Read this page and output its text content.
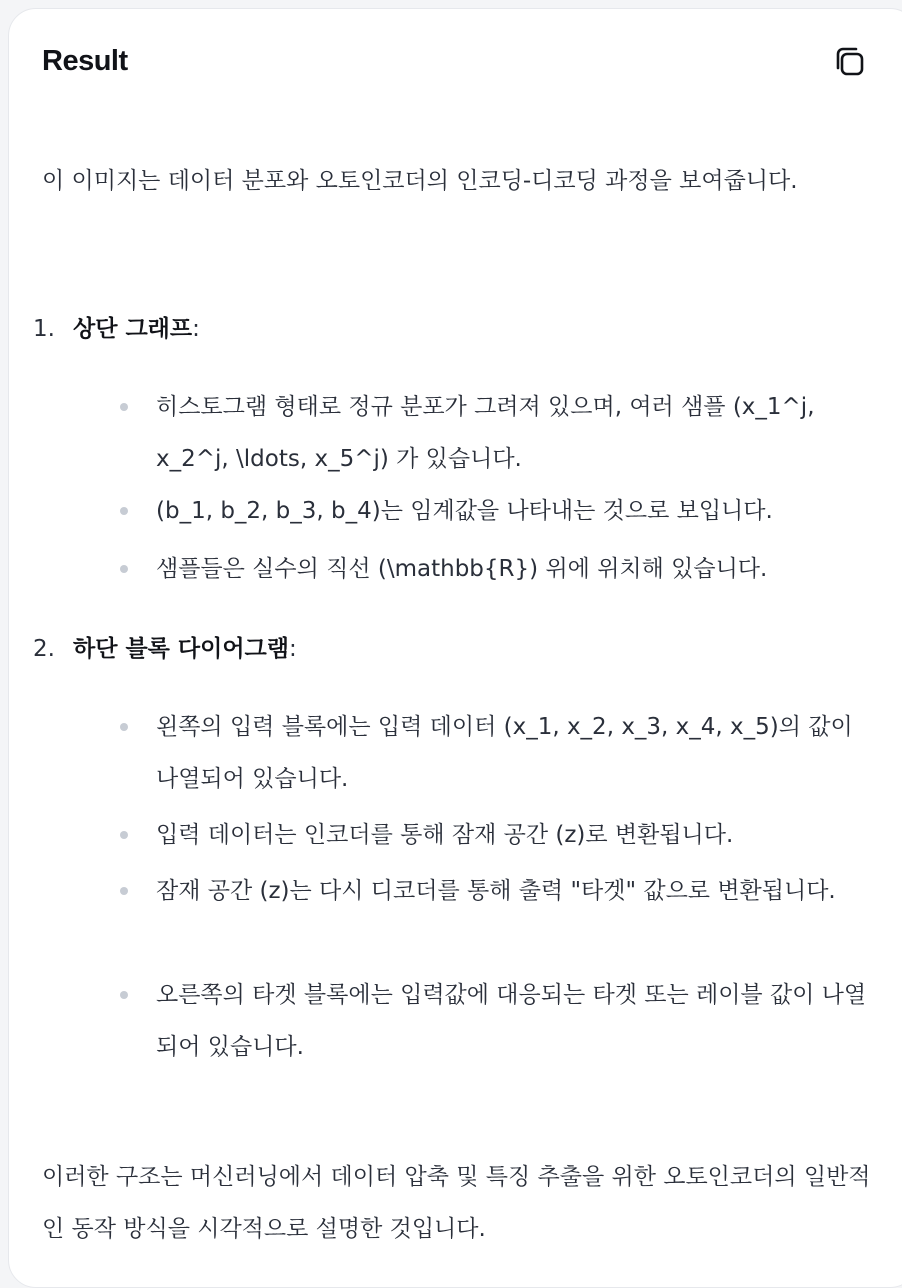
Result
이 이미지는 데이터 분포와 오토인코더의 인코딩-디코딩 과정을 보여줍니다.
1. 상단 그래프:
히스토그램 형태로 정규 분포가 그려져 있으며, 여러 샘플 (x_1^j, x_2^j, \ldots, x_5^j) 가 있습니다.
(b_1, b_2, b_3, b_4)는 임계값을 나타내는 것으로 보입니다.
샘플들은 실수의 직선 (\mathbb{R}) 위에 위치해 있습니다.
2. 하단 블록 다이어그램:
왼쪽의 입력 블록에는 입력 데이터 (x_1, x_2, x_3, x_4, x_5)의 값이 나열되어 있습니다.
입력 데이터는 인코더를 통해 잠재 공간 (z)로 변환됩니다.
잠재 공간 (z)는 다시 디코더를 통해 출력 "타겟" 값으로 변환됩니다.
오른쪽의 타겟 블록에는 입력값에 대응되는 타겟 또는 레이블 값이 나열되어 있습니다.
이러한 구조는 머신러닝에서 데이터 압축 및 특징 추출을 위한 오토인코더의 일반적인 동작 방식을 시각적으로 설명한 것입니다.
